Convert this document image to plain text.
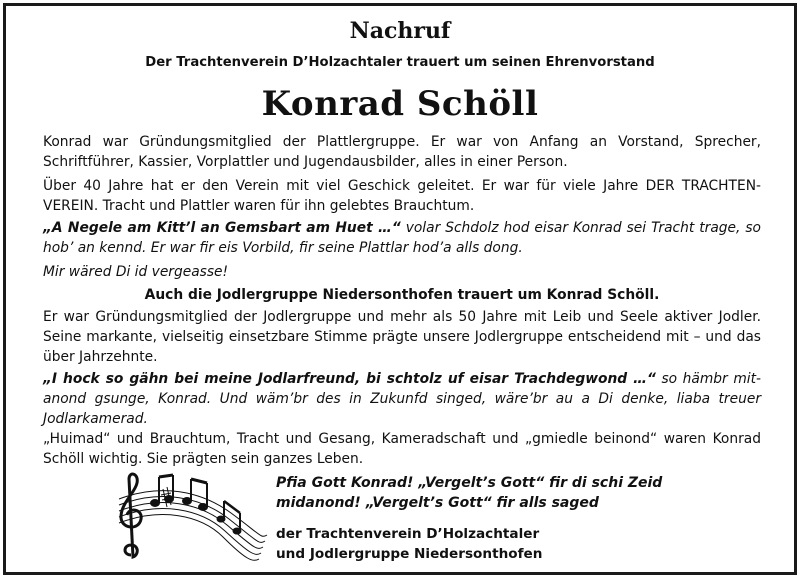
Nachruf
Der Trachtenverein D’Holzachtaler trauert um seinen Ehrenvorstand
Konrad Schöll

Konrad war Gründungsmitglied der Plattlergruppe. Er war von Anfang an Vorstand, Sprecher, Schriftführer, Kassier, Vorplattler und Jugendausbilder, alles in einer Person.

Über 40 Jahre hat er den Verein mit viel Geschick geleitet. Er war für viele Jahre DER TRACHTEN-VEREIN. Tracht und Plattler waren für ihn gelebtes Brauchtum.

„A Negele am Kitt’l an Gemsbart am Huet …“ volar Schdolz hod eisar Konrad sei Tracht trage, so hob’ an kennd. Er war fir eis Vorbild, fir seine Plattlar hod’a alls dong.

Mir wäred Di id vergeasse!

Auch die Jodlergruppe Niedersonthofen trauert um Konrad Schöll.

Er war Gründungsmitglied der Jodlergruppe und mehr als 50 Jahre mit Leib und Seele aktiver Jodler. Seine markante, vielseitig einsetzbare Stimme prägte unsere Jodlergruppe entscheidend mit – und das über Jahrzehnte.

„I hock so gähn bei meine Jodlarfreund, bi schtolz uf eisar Trachdegwond …“ so hämbr mit-anond gsunge, Konrad. Und wäm’br des in Zukunfd singed, wäre’br au a Di denke, liaba treuer Jodlarkamerad.

„Huimad“ und Brauchtum, Tracht und Gesang, Kameradschaft und „gmiedle beinond“ waren Konrad Schöll wichtig. Sie prägten sein ganzes Leben.

Pfia Gott Konrad! „Vergelt’s Gott“ fir di schi Zeid
midanond! „Vergelt’s Gott“ fir alls saged
der Trachtenverein D’Holzachtaler
und Jodlergruppe Niedersonthofen
